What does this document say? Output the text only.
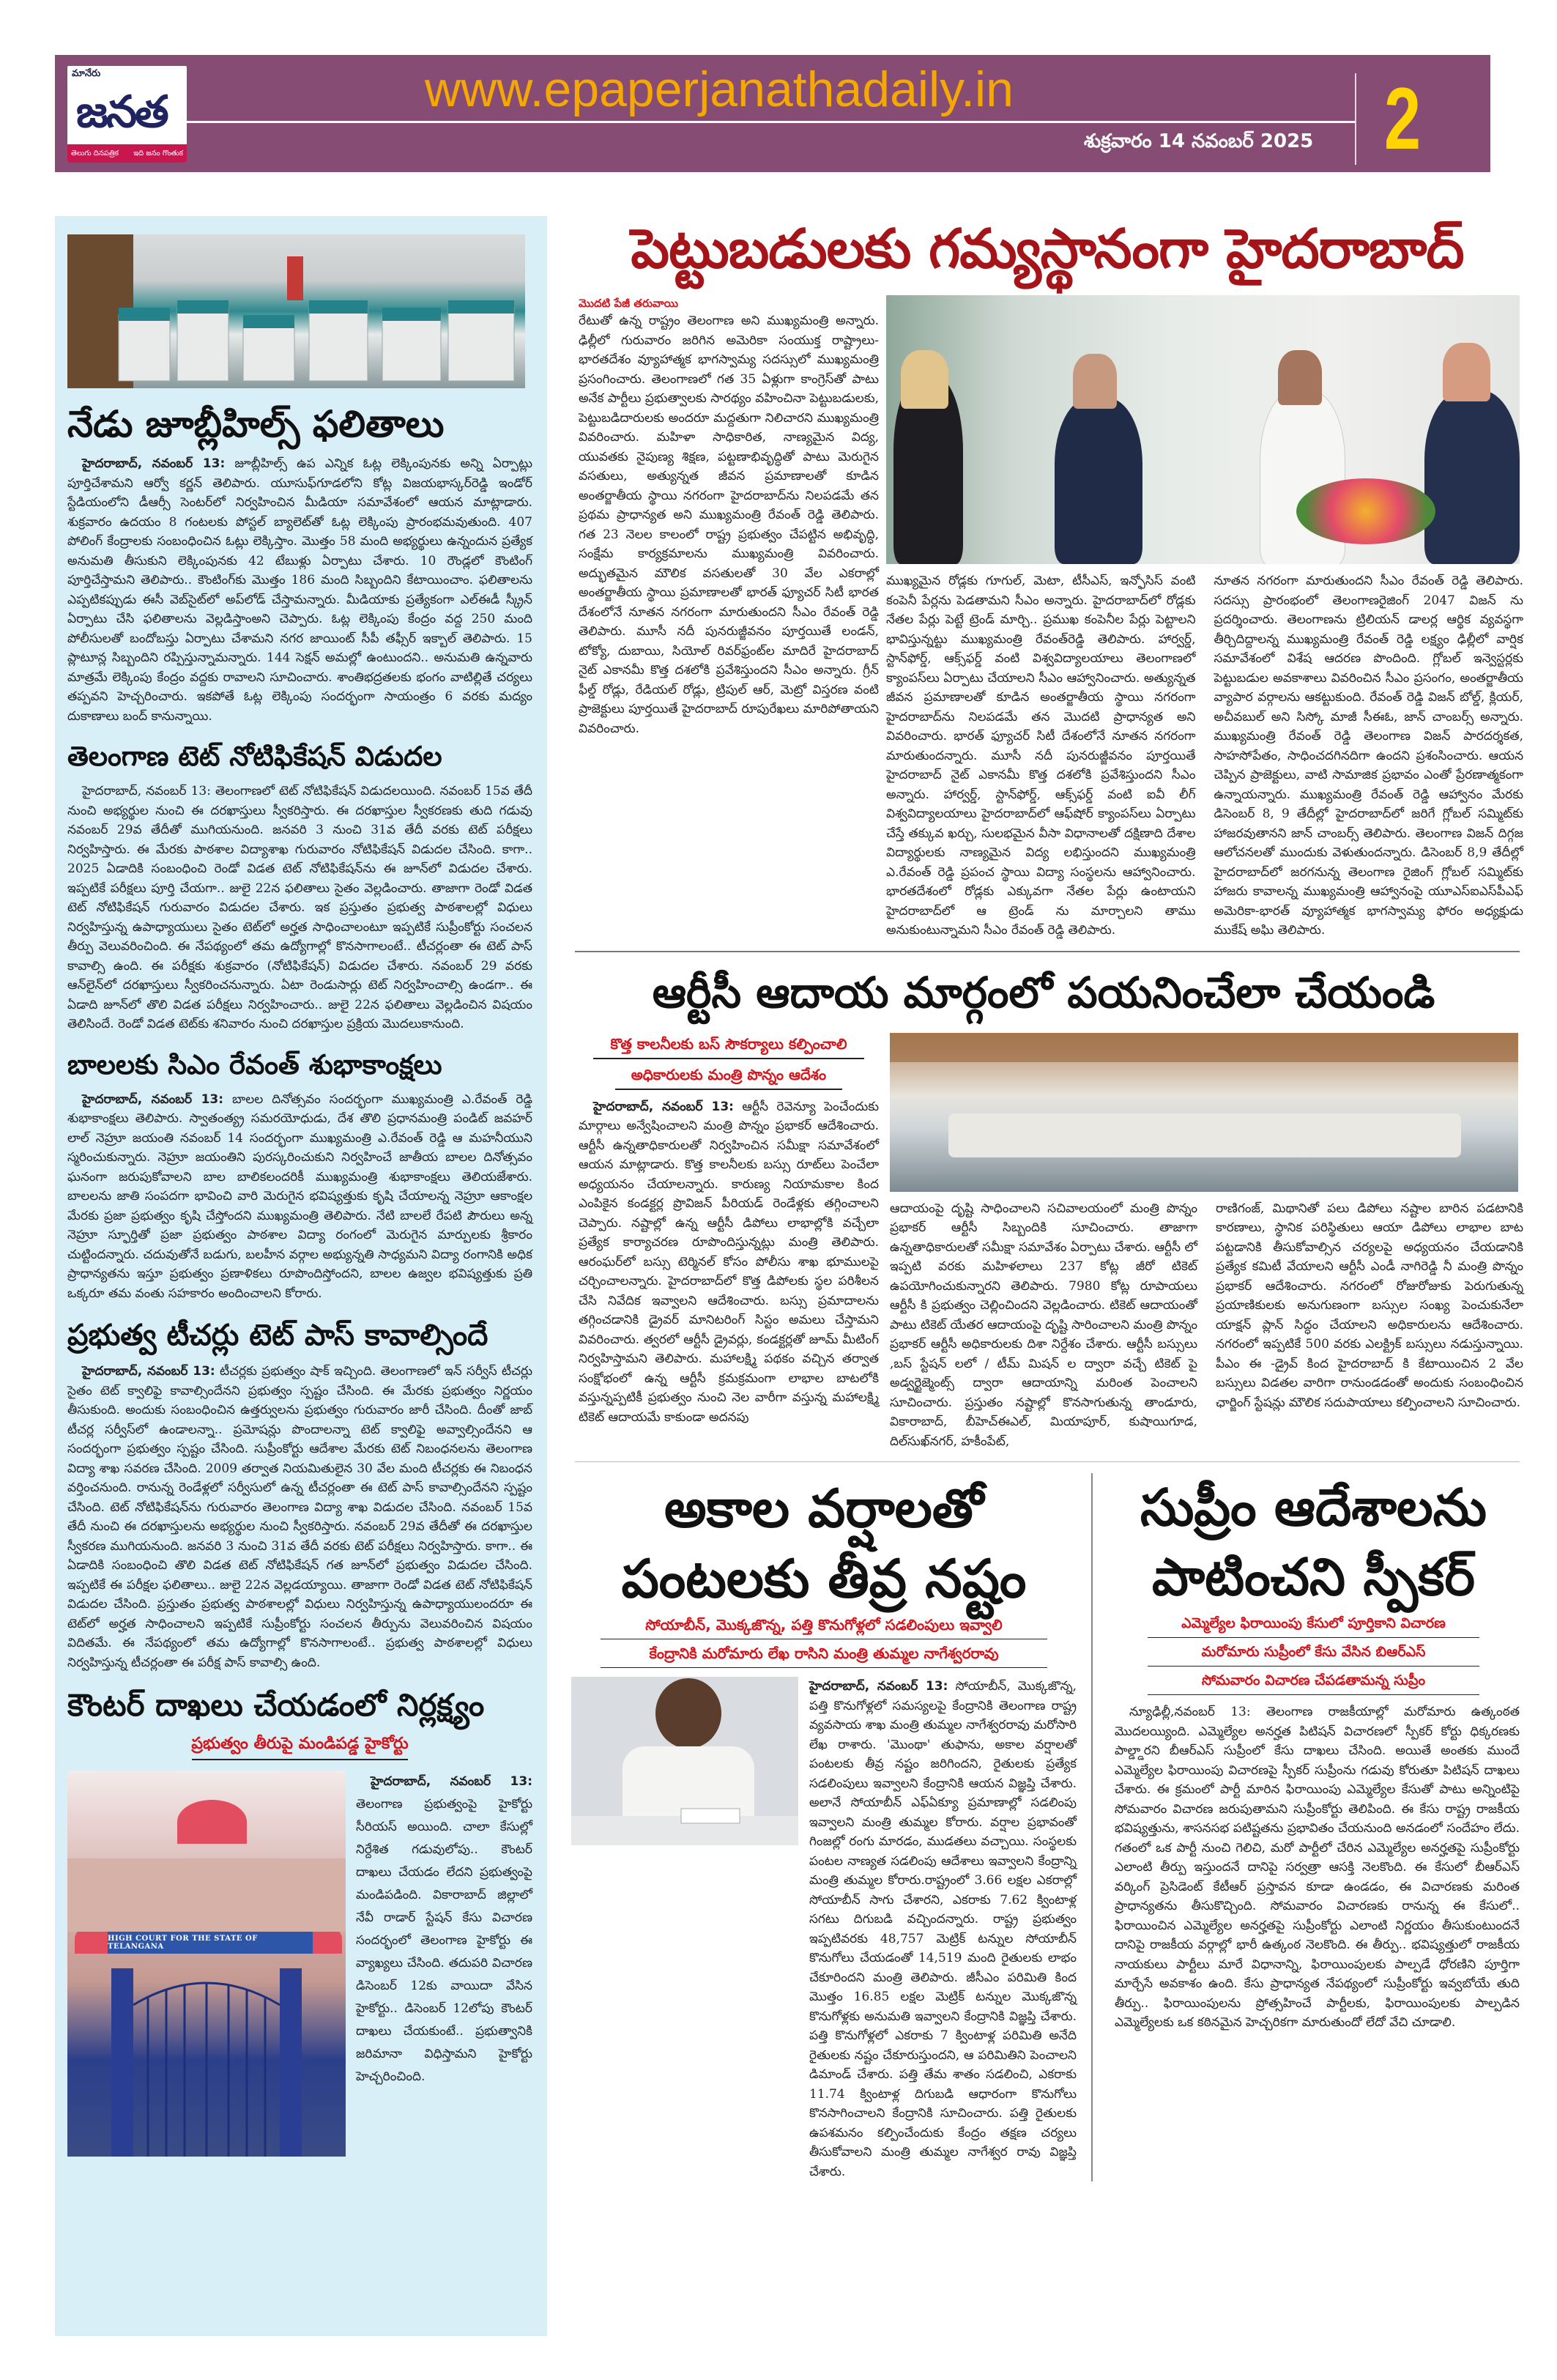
మానేరు
జనత
తెలుగు దినపత్రిక ఇది జనం గొంతుక
www.epaperjanathadaily.in
శుక్రవారం 14 నవంబర్ 2025 2
నేడు జూబ్లీహిల్స్ ఫలితాలు
హైదరాబాద్, నవంబర్ 13: జూబ్లీహిల్స్ ఉప ఎన్నిక ఓట్ల లెక్కింపునకు అన్ని ఏర్పాట్లు పూర్తిచేశామని ఆర్వో కర్ణన్ తెలిపారు. యూసుఫ్‌గూడలోని కోట్ల విజయభాస్కర్‌రెడ్డి ఇండోర్ స్టేడియంలోని డీఆర్సీ సెంటర్‌లో నిర్వహించిన మీడియా సమావేశంలో ఆయన మాట్లాడారు. శుక్రవారం ఉదయం 8 గంటలకు పోస్టల్ బ్యాలెట్‌తో ఓట్ల లెక్కింపు ప్రారంభమవుతుంది. 407 పోలింగ్ కేంద్రాలకు సంబంధించిన ఓట్లు లెక్కిస్తాం. మొత్తం 58 మంది అభ్యర్థులు ఉన్నందున ప్రత్యేక అనుమతి తీసుకుని లెక్కింపునకు 42 టేబుళ్లు ఏర్పాటు చేశారు. 10 రౌండ్లలో కౌంటింగ్ పూర్తిచేస్తామని తెలిపారు.. కౌంటింగ్‌కు మొత్తం 186 మంది సిబ్బందిని కేటాయించాం. ఫలితాలను ఎప్పటికప్పుడు ఈసీ వెబ్‌సైట్‌లో అప్‌లోడ్ చేస్తామన్నారు. మీడియాకు ప్రత్యేకంగా ఎల్ఈడీ స్క్రీన్ ఏర్పాటు చేసి ఫలితాలను వెల్లడిస్తాంఅని చెప్పారు. ఓట్ల లెక్కింపు కేంద్రం వద్ద 250 మంది పోలీసులతో బందోబస్తు ఏర్పాటు చేశామని నగర జాయింట్ సీపీ తఫ్సీర్ ఇక్బాల్ తెలిపారు. 15 ప్లాటూన్ల సిబ్బందిని రప్పిస్తున్నామన్నారు. 144 సెక్షన్ అమల్లో ఉంటుందని.. అనుమతి ఉన్నవారు మాత్రమే లెక్కింపు కేంద్రం వద్దకు రావాలని సూచించారు. శాంతిభద్రతలకు భంగం వాటిల్లితే చర్యలు తప్పవని హెచ్చరించారు. ఇకపోతే ఓట్ల లెక్కింపు సందర్భంగా సాయంత్రం 6 వరకు మద్యం దుకాణాలు బంద్ కానున్నాయి.
తెలంగాణ టెట్ నోటిఫికేషన్ విడుదల
హైదరాబాద్, నవంబర్ 13: తెలంగాణలో టెట్ నోటిఫికేషన్ విడుదలయింది. నవంబర్ 15వ తేదీ నుంచి అభ్యర్థుల నుంచి ఈ దరఖాస్తులు స్వీకరిస్తారు. ఈ దరఖాస్తుల స్వీకరణకు తుది గడువు నవంబర్ 29వ తేదీతో ముగియనుంది. జనవరి 3 నుంచి 31వ తేదీ వరకు టెట్ పరీక్షలు నిర్వహిస్తారు. ఈ మేరకు పాఠశాల విద్యాశాఖ గురువారం నోటిఫికేషన్ విడుదల చేసింది. కాగా.. 2025 ఏడాదికి సంబంధించి రెండో విడత టెట్ నోటిఫికేషన్‌ను ఈ జూన్‌లో విడుదల చేశారు. ఇప్పటికే పరీక్షలు పూర్తి చేయగా.. జులై 22న ఫలితాలు సైతం వెల్లడించారు. తాజాగా రెండో విడత టెట్ నోటిఫికేషన్ గురువారం విడుదల చేశారు. ఇక ప్రస్తుతం ప్రభుత్వ పాఠశాలల్లో విధులు నిర్వహిస్తున్న ఉపాధ్యాయులు సైతం టెట్‌లో అర్హత సాధించాలంటూ ఇప్పటికే సుప్రీంకోర్టు సంచలన తీర్పు వెలువరించింది. ఈ నేపథ్యంలో తమ ఉద్యోగాల్లో కొనసాగాలంటే.. టీచర్లంతా ఈ టెట్ పాస్ కావాల్సి ఉంది. ఈ పరీక్షకు శుక్రవారం (నోటిఫికేషన్) విడుదల చేశారు. నవంబర్ 29 వరకు ఆన్‌లైన్‌లో దరఖాస్తులు స్వీకరించనున్నారు. ఏటా రెండుసార్లు టెట్ నిర్వహించాల్సి ఉండగా.. ఈ ఏడాది జూన్‌లో తొలి విడత పరీక్షలు నిర్వహించారు.. జులై 22న ఫలితాలు వెల్లడించిన విషయం తెలిసిందే. రెండో విడత టెట్‌కు శనివారం నుంచి దరఖాస్తుల ప్రక్రియ మొదలుకానుంది.
బాలలకు సిఎం రేవంత్ శుభాకాంక్షలు
హైదరాబాద్, నవంబర్ 13: బాలల దినోత్సవం సందర్భంగా ముఖ్యమంత్రి ఎ.రేవంత్ రెడ్డి శుభాకాంక్షలు తెలిపారు. స్వాతంత్య్ర సమరయోధుడు, దేశ తొలి ప్రధానమంత్రి పండిట్ జవహర్ లాల్ నెహ్రూ జయంతి నవంబర్ 14 సందర్భంగా ముఖ్యమంత్రి ఎ.రేవంత్ రెడ్డి ఆ మహనీయుని స్మరించుకున్నారు. నెహ్రూ జయంతిని పురస్కరించుకుని నిర్వహించే జాతీయ బాలల దినోత్సవం ఘనంగా జరుపుకోవాలని బాల బాలికలందరికీ ముఖ్యమంత్రి శుభాకాంక్షలు తెలియజేశారు. బాలలను జాతి సంపదగా భావించి వారి మెరుగైన భవిష్యత్తుకు కృషి చేయాలన్న నెహ్రూ ఆకాంక్షల మేరకు ప్రజా ప్రభుత్వం కృషి చేస్తోందని ముఖ్యమంత్రి తెలిపారు. నేటి బాలలే రేపటి పౌరులు అన్న నెహ్రూ స్ఫూర్తితో ప్రజా ప్రభుత్వం పాఠశాల విద్యా రంగంలో మెరుగైన మార్పులకు శ్రీకారం చుట్టిందన్నారు. చదువుతోనే బడుగు, బలహీన వర్గాల అభ్యున్నతి సాధ్యమని విద్యా రంగానికి అధిక ప్రాధాన్యతను ఇస్తూ ప్రభుత్వం ప్రణాళికలు రూపొందిస్తోందని, బాలల ఉజ్వల భవిష్యత్తుకు ప్రతి ఒక్కరూ తమ వంతు సహకారం అందించాలని కోరారు.
ప్రభుత్వ టీచర్లు టెట్ పాస్ కావాల్సిందే
హైదరాబాద్, నవంబర్ 13: టీచర్లకు ప్రభుత్వం షాక్ ఇచ్చింది. తెలంగాణలో ఇన్ సర్వీస్ టీచర్లు సైతం టెట్ క్వాలిఫై కావాల్సిందేనని ప్రభుత్వం స్పష్టం చేసింది. ఈ మేరకు ప్రభుత్వం నిర్ణయం తీసుకుంది. అందుకు సంబంధించిన ఉత్తర్వులను ప్రభుత్వం గురువారం జారీ చేసింది. దీంతో జాబ్ టీచర్ల సర్వీస్‌లో ఉండాలన్నా.. ప్రమోషన్లు పొందాలన్నా టెట్ క్వాలిఫై అవ్వాల్సిందేనని ఆ సందర్భంగా ప్రభుత్వం స్పష్టం చేసింది. సుప్రీంకోర్టు ఆదేశాల మేరకు టెట్ నిబంధనలను తెలంగాణ విద్యా శాఖ సవరణ చేసింది. 2009 తర్వాత నియమితులైన 30 వేల మంది టీచర్లకు ఈ నిబంధన వర్తించనుంది. రానున్న రెండేళ్లలో సర్వీసులో ఉన్న టీచర్లంతా ఈ టెట్ పాస్ కావాల్సిందేనని స్పష్టం చేసింది. టెట్ నోటిఫికేషన్‌ను గురువారం తెలంగాణ విద్యా శాఖ విడుదల చేసింది. నవంబర్ 15వ తేదీ నుంచి ఈ దరఖాస్తులను అభ్యర్థుల నుంచి స్వీకరిస్తారు. నవంబర్ 29వ తేదీతో ఈ దరఖాస్తుల స్వీకరణ ముగియనుంది. జనవరి 3 నుంచి 31వ తేదీ వరకు టెట్ పరీక్షలు నిర్వహిస్తారు. కాగా.. ఈ ఏడాదికి సంబంధించి తొలి విడత టెట్ నోటిఫికేషన్ గత జూన్‌లో ప్రభుత్వం విడుదల చేసింది. ఇప్పటికే ఈ పరీక్షల ఫలితాలు.. జులై 22న వెల్లడయ్యాయి. తాజాగా రెండో విడత టెట్ నోటిఫికేషన్ విడుదల చేసింది. ప్రస్తుతం ప్రభుత్వ పాఠశాలల్లో విధులు నిర్వహిస్తున్న ఉపాధ్యాయులందరూ ఈ టెట్‌లో అర్హత సాధించాలని ఇప్పటికే సుప్రీంకోర్టు సంచలన తీర్పును వెలువరించిన విషయం విదితమే. ఈ నేపథ్యంలో తమ ఉద్యోగాల్లో కొనసాగాలంటే.. ప్రభుత్వ పాఠశాలల్లో విధులు నిర్వహిస్తున్న టీచర్లంతా ఈ పరీక్ష పాస్ కావాల్సి ఉంది.
కౌంటర్ దాఖలు చేయడంలో నిర్లక్ష్యం
ప్రభుత్వం తీరుపై మండిపడ్డ హైకోర్టు
HIGH COURT FOR THE STATE OF TELANGANA
హైదరాబాద్, నవంబర్ 13: తెలంగాణ ప్రభుత్వంపై హైకోర్టు సీరియస్ అయింది. చాలా కేసుల్లో నిర్దేశిత గడువులోపు.. కౌంటర్ దాఖలు చేయడం లేదని ప్రభుత్వంపై మండిపడింది. వికారాబాద్ జిల్లాలో నేవీ రాడార్ స్టేషన్ కేసు విచారణ సందర్భంలో తెలంగాణ హైకోర్టు ఈ వ్యాఖ్యలు చేసింది. తదుపరి విచారణ డిసెంబర్ 12కు వాయిదా వేసిన హైకోర్టు.. డిసెంబర్ 12లోపు కౌంటర్ దాఖలు చేయకుంటే.. ప్రభుత్వానికి జరిమానా విధిస్తామని హైకోర్టు హెచ్చరించింది.
పెట్టుబడులకు గమ్యస్థానంగా హైదరాబాద్
మొదటి పేజీ తరువాయి
రేటుతో ఉన్న రాష్ట్రం తెలంగాణ అని ముఖ్యమంత్రి అన్నారు. ఢిల్లీలో గురువారం జరిగిన అమెరికా సంయుక్త రాష్ట్రాలు-భారతదేశం వ్యూహాత్మక భాగస్వామ్య సదస్సులో ముఖ్యమంత్రి ప్రసంగించారు. తెలంగాణలో గత 35 ఏళ్లుగా కాంగ్రెస్‌తో పాటు అనేక పార్టీలు ప్రభుత్వాలకు సారథ్యం వహించినా పెట్టుబడులకు, పెట్టుబడిదారులకు అందరూ మద్దతుగా నిలిచారని ముఖ్యమంత్రి వివరించారు. మహిళా సాధికారిత, నాణ్యమైన విద్య, యువతకు నైపుణ్య శిక్షణ, పట్టణాభివృద్ధితో పాటు మెరుగైన వసతులు, అత్యున్నత జీవన ప్రమాణాలతో కూడిన అంతర్జాతీయ స్థాయి నగరంగా హైదరాబాద్‌ను నిలపడమే తన ప్రథమ ప్రాధాన్యత అని ముఖ్యమంత్రి రేవంత్ రెడ్డి తెలిపారు. గత 23 నెలల కాలంలో రాష్ట్ర ప్రభుత్వం చేపట్టిన అభివృద్ధి, సంక్షేమ కార్యక్రమాలను ముఖ్యమంత్రి వివరించారు. అద్భుతమైన మౌలిక వసతులతో 30 వేల ఎకరాల్లో అంతర్జాతీయ స్థాయి ప్రమాణాలతో భారత్ ఫ్యూచర్ సిటీ భారత దేశంలోనే నూతన నగరంగా మారుతుందని సీఎం రేవంత్ రెడ్డి తెలిపారు. మూసీ నదీ పునరుజ్జీవనం పూర్తయితే లండన్, టోక్యో, దుబాయి, సియోల్ రివర్‌ఫ్రంట్‌ల మాదిరే హైదరాబాద్ నైట్ ఎకానమీ కొత్త దశలోకి ప్రవేశిస్తుందని సీఎం అన్నారు. గ్రీన్ ఫీల్డ్ రోడ్లు, రేడియల్ రోడ్లు, ట్రిపుల్ ఆర్, మెట్రో విస్తరణ వంటి ప్రాజెక్టులు పూర్తయితే హైదరాబాద్ రూపురేఖలు మారిపోతాయని వివరించారు.
ముఖ్యమైన రోడ్లకు గూగుల్, మెటా, టీసీఎస్, ఇన్ఫోసిస్ వంటి కంపెనీ పేర్లను పెడతామని సీఎం అన్నారు. హైదరాబాద్‌లో రోడ్లకు నేతల పేర్లు పెట్టే ట్రెండ్ మార్చి.. ప్రముఖ కంపెనీల పేర్లు పెట్టాలని భావిస్తున్నట్టు ముఖ్యమంత్రి రేవంత్‌రెడ్డి తెలిపారు. హార్వర్డ్, స్టాన్‌ఫోర్డ్, ఆక్స్‌ఫర్డ్ వంటి విశ్వవిద్యాలయాలు తెలంగాణలో క్యాంపస్‌లు ఏర్పాటు చేయాలని సీఎం ఆహ్వానించారు. అత్యున్నత జీవన ప్రమాణాలతో కూడిన అంతర్జాతీయ స్థాయి నగరంగా హైదరాబాద్‌ను నిలపడమే తన మొదటి ప్రాధాన్యత అని వివరించారు. భారత్ ఫ్యూచర్ సిటీ దేశంలోనే నూతన నగరంగా మారుతుందన్నారు. మూసీ నదీ పునరుజ్జీవనం పూర్తయితే హైదరాబాద్ నైట్ ఎకానమీ కొత్త దశలోకి ప్రవేశిస్తుందని సీఎం అన్నారు. హార్వర్డ్, స్టాన్‌ఫోర్డ్, ఆక్స్‌ఫర్డ్ వంటి ఐవీ లీగ్ విశ్వవిద్యాలయాలు హైదరాబాద్‌లో ఆఫ్‌షోర్ క్యాంపస్‌లు ఏర్పాటు చేస్తే తక్కువ ఖర్చు, సులభమైన వీసా విధానాలతో దక్షిణాది దేశాల విద్యార్థులకు నాణ్యమైన విద్య లభిస్తుందని ముఖ్యమంత్రి ఎ.రేవంత్ రెడ్డి ప్రపంచ స్థాయి విద్యా సంస్థలను ఆహ్వానించారు. భారతదేశంలో రోడ్లకు ఎక్కువగా నేతల పేర్లు ఉంటాయని హైదరాబాద్‌లో ఆ ట్రెండ్ ను మార్చాలని తాము అనుకుంటున్నామని సీఎం రేవంత్ రెడ్డి తెలిపారు.
నూతన నగరంగా మారుతుందని సీఎం రేవంత్ రెడ్డి తెలిపారు. సదస్సు ప్రారంభంలో తెలంగాణరైజింగ్ 2047 విజన్ ను ప్రదర్శించారు. తెలంగాణను ట్రిలియన్ డాలర్ల ఆర్థిక వ్యవస్థగా తీర్చిదిద్దాలన్న ముఖ్యమంత్రి రేవంత్ రెడ్డి లక్ష్యం ఢిల్లీలో వార్షిక సమావేశంలో విశేష ఆదరణ పొందింది. గ్లోబల్ ఇన్వెస్టర్లకు పెట్టుబడుల అవకాశాలు వివరించిన సీఎం ప్రసంగం, అంతర్జాతీయ వ్యాపార వర్గాలను ఆకట్టుకుంది. రేవంత్ రెడ్డి విజన్ బోల్డ్, క్లియర్, అచీవబుల్ అని సిస్కో మాజీ సీఈఓ, జాన్ చాంబర్స్ అన్నారు. ముఖ్యమంత్రి రేవంత్ రెడ్డి తెలంగాణ విజన్ పారదర్శకత, సాహసోపేతం, సాధించదగినదిగా ఉందని ప్రశంసించారు. ఆయన చెప్పిన ప్రాజెక్టులు, వాటి సామాజిక ప్రభావం ఎంతో ప్రేరణాత్మకంగా ఉన్నాయన్నారు. ముఖ్యమంత్రి రేవంత్ రెడ్డి ఆహ్వానం మేరకు డిసెంబర్ 8, 9 తేదీల్లో హైదరాబాద్‌లో జరిగే గ్లోబల్ సమ్మిట్‌కు హాజరవుతానని జాన్ చాంబర్స్ తెలిపారు. తెలంగాణ విజన్ దిగ్గజ ఆలోచనలతో ముందుకు వెళుతుందన్నారు. డిసెంబర్ 8,9 తేదీల్లో హైదరాబాద్‌లో జరగనున్న తెలంగాణ రైజింగ్ గ్లోబల్ సమ్మిట్‌కు హాజరు కావాలన్న ముఖ్యమంత్రి ఆహ్వానంపై యూఎస్ఐఎస్‌పీఎఫ్ అమెరికా-భారత్ వ్యూహాత్మక భాగస్వామ్య ఫోరం అధ్యక్షుడు ముకేష్ అఘి తెలిపారు.
ఆర్టీసీ ఆదాయ మార్గంలో పయనించేలా చేయండి
కొత్త కాలనీలకు బస్ సౌకర్యాలు కల్పించాలి
అధికారులకు మంత్రి పొన్నం ఆదేశం
హైదరాబాద్, నవంబర్ 13: ఆర్టీసీ రెవెన్యూ పెంచేందుకు మార్గాలు అన్వేషించాలని మంత్రి పొన్నం ప్రభాకర్ ఆదేశించారు. ఆర్టీసీ ఉన్నతాధికారులతో నిర్వహించిన సమీక్షా సమావేశంలో ఆయన మాట్లాడారు. కొత్త కాలనీలకు బస్సు రూట్‌లు పెంచేలా అధ్యయనం చేయాలన్నారు. కారుణ్య నియామకాల కింద ఎంపికైన కండక్టర్ల ప్రొవిజన్ పీరియడ్ రెండేళ్లకు తగ్గించాలని చెప్పారు. నష్టాల్లో ఉన్న ఆర్టీసీ డిపోలు లాభాల్లోకి వచ్చేలా ప్రత్యేక కార్యాచరణ రూపొందిస్తున్నట్లు మంత్రి తెలిపారు. ఆరంఘర్‌లో బస్సు టెర్మినల్ కోసం పోలీసు శాఖ భూములపై చర్చించాలన్నారు. హైదరాబాద్‌లో కొత్త డిపోలకు స్థల పరిశీలన చేసి నివేదిక ఇవ్వాలని ఆదేశించారు. బస్సు ప్రమాదాలను తగ్గించడానికి డ్రైవర్ మానిటరింగ్ సిస్టం అమలు చేస్తామని వివరించారు. త్వరలో ఆర్టీసీ డ్రైవర్లు, కండక్టర్లతో జూమ్ మీటింగ్ నిర్వహిస్తామని తెలిపారు. మహాలక్ష్మి పథకం వచ్చిన తర్వాత సంక్షోభంలో ఉన్న ఆర్టీసీ క్రమక్రమంగా లాభాల బాటలోకి వస్తున్నప్పటికీ ప్రభుత్వం నుంచి నెల వారీగా వస్తున్న మహాలక్ష్మి టికెట్ ఆదాయమే కాకుండా అదనపు
ఆదాయంపై దృష్టి సాధించాలని సచివాలయంలో మంత్రి పొన్నం ప్రభాకర్ ఆర్టీసీ సిబ్బందికి సూచించారు. తాజాగా ఉన్నతాధికారులతో సమీక్షా సమావేశం ఏర్పాటు చేశారు. ఆర్టీసీ లో ఇప్పటి వరకు మహిళలాలు 237 కోట్ల జీరో టికెట్ ఉపయోగించుకున్నారని తెలిపారు. 7980 కోట్ల రూపాయలు ఆర్టీసీ కి ప్రభుత్వం చెల్లించిందని వెల్లడించారు. టికెట్ ఆదాయంతో పాటు టికెట్ యేతర ఆదాయంపై దృష్టి సారించాలని మంత్రి పొన్నం ప్రభాకర్ ఆర్టీసీ అధికారులకు దిశా నిర్దేశం చేశారు. ఆర్టీసీ బస్సులు ,బస్ స్టేషన్ లలో / టీమ్ మిషన్ ల ద్వారా వచ్చే టికెట్ పై అడ్వర్టైజ్మెంట్స్ ద్వారా ఆదాయాన్ని మరింత పెంచాలని సూచించారు. ప్రస్తుతం నష్టాల్లో కొనసాగుతున్న తాండూరు, వికారాబాద్, బీహెచ్ఈఎల్, మియాపూర్, కుషాయిగూడ, దిల్‌సుఖ్‌నగర్, హకీంపేట్,
రాణిగంజ్, మిథానితో పలు డిపోలు నష్టాల బారిన పడటానికి కారణాలు, స్థానిక పరిస్థితులు ఆయా డిపోలు లాభాల బాట పట్టడానికి తీసుకోవాల్సిన చర్యలపై అధ్యయనం చేయడానికి ప్రత్యేక కమిటీ వేయాలని ఆర్టీసీ ఎండీ నాగిరెడ్డి నీ మంత్రి పొన్నం ప్రభాకర్ ఆదేశించారు. నగరంలో రోజురోజుకు పెరుగుతున్న ప్రయాణికులకు అనుగుణంగా బస్సుల సంఖ్య పెంచుకునేలా యాక్షన్ ప్లాన్ సిద్ధం చేయాలని అధికారులను ఆదేశించారు. నగరంలో ఇప్పటికే 500 వరకు ఎలక్ట్రిక్ బస్సులు నడుస్తున్నాయి. పీఎం ఈ -డ్రైవ్ కింద హైదరాబాద్ కి కేటాయించిన 2 వేల బస్సులు విడతల వారిగా రానుండడంతో అందుకు సంబంధించిన ఛార్జింగ్ స్టేషన్లు మౌలిక సదుపాయాలు కల్పించాలని సూచించారు.
అకాల వర్షాలతో
పంటలకు తీవ్ర నష్టం
సోయాబీన్, మొక్కజొన్న, పత్తి కొనుగోళ్లలో సడలింపులు ఇవ్వాలి
కేంద్రానికి మరోమారు లేఖ రాసిని మంత్రి తుమ్మల నాగేశ్వరరావు
హైదరాబాద్, నవంబర్ 13: సోయాబీన్, మొక్కజొన్న, పత్తి కొనుగోళ్లలో సమస్యలపై కేంద్రానికి తెలంగాణ రాష్ట్ర వ్యవసాయ శాఖ మంత్రి తుమ్మల నాగేశ్వరరావు మరోసారి లేఖ రాశారు. 'మొంథా' తుఫాను, అకాల వర్షాలతో పంటలకు తీవ్ర నష్టం జరిగిందని, రైతులకు ప్రత్యేక సడలింపులు ఇవ్వాలని కేంద్రానికి ఆయన విజ్ఞప్తి చేశారు. అలానే సోయాబీన్ ఎఫ్ఏక్యూ ప్రమాణాల్లో సడలింపు ఇవ్వాలని మంత్రి తుమ్మల కోరారు. వర్షాల ప్రభావంతో గింజల్లో రంగు మారడం, ముడతలు వచ్చాయి. సంస్థలకు పంటల నాణ్యత సడలింపు ఆదేశాలు ఇవ్వాలని కేంద్రాన్ని మంత్రి తుమ్మల కోరారు.రాష్ట్రంలో 3.66 లక్షల ఎకరాల్లో సోయాబీన్ సాగు చేశారని, ఎకరాకు 7.62 క్వింటాళ్ల సగటు దిగుబడి వచ్చిందన్నారు. రాష్ట్ర ప్రభుత్వం ఇప్పటివరకు 48,757 మెట్రిక్ టన్నుల సోయాబీన్ కొనుగోలు చేయడంతో 14,519 మంది రైతులకు లాభం చేకూరిందని మంత్రి తెలిపారు. జీసీఎం పరిమితి కింద మొత్తం 16.85 లక్షల మెట్రిక్ టన్నుల మొక్కజొన్న కొనుగోళ్లకు అనుమతి ఇవ్వాలని కేంద్రానికి విజ్ఞప్తి చేశారు. పత్తి కొనుగోళ్లలో ఎకరాకు 7 క్వింటాళ్ల పరిమితి అనేది రైతులకు నష్టం చేకూరుస్తుందని, ఆ పరిమితిని పెంచాలని డిమాండ్ చేశారు. పత్తి తేమ శాతం సడలించి, ఎకరాకు 11.74 క్వింటాళ్ల దిగుబడి ఆధారంగా కొనుగోలు కొనసాగించాలని కేంద్రానికి సూచించారు. పత్తి రైతులకు ఉపశమనం కల్పించేందుకు కేంద్రం తక్షణ చర్యలు తీసుకోవాలని మంత్రి తుమ్మల నాగేశ్వర రావు విజ్ఞప్తి చేశారు.
సుప్రీం ఆదేశాలను
పాటించని స్పీకర్
ఎమ్మెల్యేల ఫిరాయింపు కేసులో పూర్తికాని విచారణ
మరోమారు సుప్రీంలో కేసు వేసిన బిఆర్ఎస్
సోమవారం విచారణ చేపడతామన్న సుప్రీం
న్యూఢిల్లీ,నవంబర్ 13: తెలంగాణ రాజకీయాల్లో మరోమారు ఉత్కంఠత మొదలయ్యింది. ఎమ్మెల్యేల అనర్హత పిటిషన్ విచారణలో స్పీకర్ కోర్టు ధిక్కరణకు పాల్డ్డారని బీఆర్ఎస్ సుప్రీంలో కేసు దాఖలు చేసింది. అయితే అంతకు ముందే ఎమ్మెల్యేల ఫిరాయింపు విచారణపై స్పీకర్ సుప్రీంను గడువు కోరుతూ పిటిషన్ దాఖలు చేశారు. ఈ క్రమంలో పార్టీ మారిన ఫిరాయింపు ఎమ్మెల్యేల కేసుతో పాటు అన్నింటిపై సోమవారం విచారణ జరుపుతామని సుప్రీంకోర్టు తెలిపింది. ఈ కేసు రాష్ట్ర రాజకీయ భవిష్యత్తును, శాసనసభ పటిష్టతను ప్రభావితం చేయనుంది అనడంలో సందేహం లేదు. గతంలో ఒక పార్టీ నుంచి గెలిచి, మరో పార్టీలో చేరిన ఎమ్మెల్యేల అనర్హతపై సుప్రీంకోర్టు ఎలాంటి తీర్పు ఇస్తుందనే దానిపై సర్వత్రా ఆసక్తి నెలకొంది. ఈ కేసులో బీఆర్ఎస్ వర్కింగ్ ప్రెసిడెంట్ కేటీఆర్ ప్రస్తావన కూడా ఉండడం, ఈ విచారణకు మరింత ప్రాధాన్యతను తీసుకొచ్చింది. సోమవారం విచారణకు రానున్న ఈ కేసులో.. ఫిరాయించిన ఎమ్మెల్యేల అనర్హతపై సుప్రీంకోర్టు ఎలాంటి నిర్ణయం తీసుకుంటుందనే దానిపై రాజకీయ వర్గాల్లో భారీ ఉత్కంఠ నెలకొంది. ఈ తీర్పు.. భవిష్యత్తులో రాజకీయ నాయకులు పార్టీలు మారే విధానాన్ని, ఫిరాయింపులకు పాల్పడే ధోరణిని పూర్తిగా మార్చేసే అవకాశం ఉంది. కేసు ప్రాధాన్యత నేపథ్యంలో సుప్రీంకోర్టు ఇవ్వబోయే తుది తీర్పు.. ఫిరాయింపులను ప్రోత్సహించే పార్టీలకు, ఫిరాయింపులకు పాల్పడిన ఎమ్మెల్యేలకు ఒక కఠినమైన హెచ్చరికగా మారుతుందో లేదో వేచి చూడాలి.
